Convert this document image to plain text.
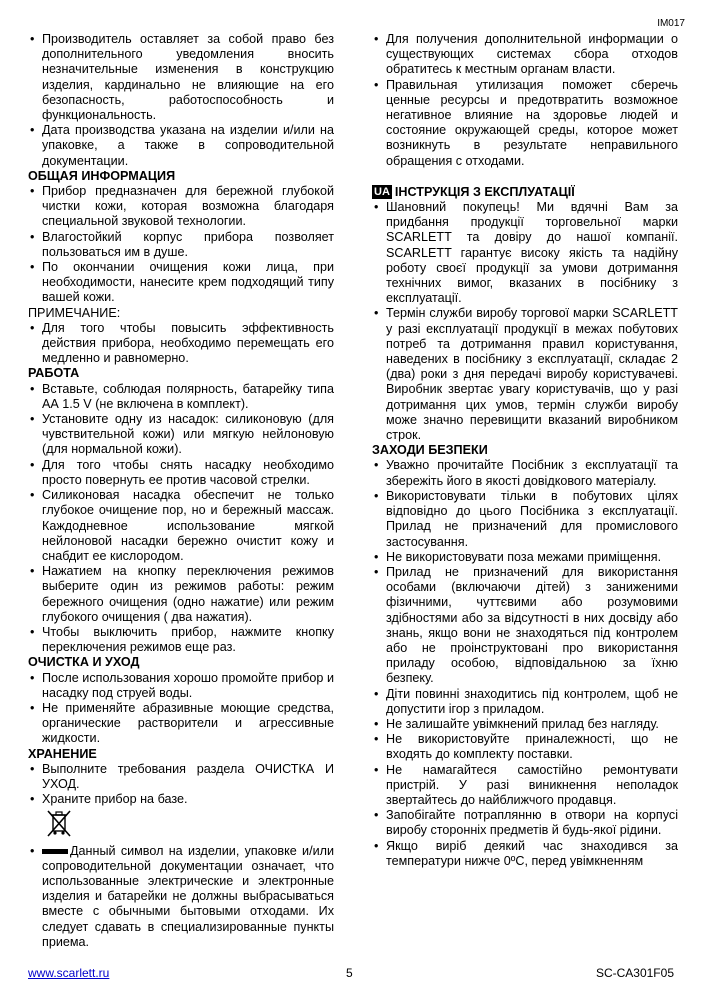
IM017
• Производитель оставляет за собой право без дополнительного уведомления вносить незначительные изменения в конструкцию изделия, кардинально не влияющие на его безопасность, работоспособность и функциональность.
• Дата производства указана на изделии и/или на упаковке, а также в сопроводительной документации.
ОБЩАЯ ИНФОРМАЦИЯ
• Прибор предназначен для бережной глубокой чистки кожи, которая возможна благодаря специальной звуковой технологии.
• Влагостойкий корпус прибора позволяет пользоваться им в душе.
• По окончании очищения кожи лица, при необходимости, нанесите крем подходящий типу вашей кожи.
ПРИМЕЧАНИЕ:
• Для того чтобы повысить эффективность действия прибора, необходимо перемещать его медленно и равномерно.
РАБОТА
• Вставьте, соблюдая полярность, батарейку типа АА 1.5 V (не включена в комплект).
• Установите одну из насадок: силиконовую (для чувствительной кожи) или мягкую нейлоновую (для нормальной кожи).
• Для того чтобы снять насадку необходимо просто повернуть ее против часовой стрелки.
• Силиконовая насадка обеспечит не только глубокое очищение пор, но и бережный массаж. Каждодневное использование мягкой нейлоновой насадки бережно очистит кожу и снабдит ее кислородом.
• Нажатием на кнопку переключения режимов выберите один из режимов работы: режим бережного очищения (одно нажатие) или режим глубокого очищения ( два нажатия).
• Чтобы выключить прибор, нажмите кнопку переключения режимов еще раз.
ОЧИСТКА И УХОД
• После использования хорошо промойте прибор и насадку под струей воды.
• Не применяйте абразивные моющие средства, органические растворители и агрессивные жидкости.
ХРАНЕНИЕ
• Выполните требования раздела ОЧИСТКА И УХОД.
• Храните прибор на базе.
• Данный символ на изделии, упаковке и/или сопроводительной документации означает, что использованные электрические и электронные изделия и батарейки не должны выбрасываться вместе с обычными бытовыми отходами. Их следует сдавать в специализированные пункты приема.
• Для получения дополнительной информации о существующих системах сбора отходов обратитесь к местным органам власти.
• Правильная утилизация поможет сберечь ценные ресурсы и предотвратить возможное негативное влияние на здоровье людей и состояние окружающей среды, которое может возникнуть в результате неправильного обращения с отходами.
UA ІНСТРУКЦІЯ З ЕКСПЛУАТАЦІЇ
• Шановний покупець! Ми вдячні Вам за придбання продукції торговельної марки SCARLETT та довіру до нашої компанії. SCARLETT гарантує високу якість та надійну роботу своєї продукції за умови дотримання технічних вимог, вказаних в посібнику з експлуатації.
• Термін служби виробу торгової марки SCARLETT у разі експлуатації продукції в межах побутових потреб та дотримання правил користування, наведених в посібнику з експлуатації, складає 2 (два) роки з дня передачі виробу користувачеві. Виробник звертає увагу користувачів, що у разі дотримання цих умов, термін служби виробу може значно перевищити вказаний виробником строк.
ЗАХОДИ БЕЗПЕКИ
• Уважно прочитайте Посібник з експлуатації та збережіть його в якості довідкового матеріалу.
• Використовувати тільки в побутових цілях відповідно до цього Посібника з експлуатації. Прилад не призначений для промислового застосування.
• Не використовувати поза межами приміщення.
• Прилад не призначений для використання особами (включаючи дітей) з заниженими фізичними, чуттєвими або розумовими здібностями або за відсутності в них досвіду або знань, якщо вони не знаходяться під контролем або не проінструктовані про використання приладу особою, відповідальною за їхню безпеку.
• Діти повинні знаходитись під контролем, щоб не допустити ігор з приладом.
• Не залишайте увімкнений прилад без нагляду.
• Не використовуйте приналежності, що не входять до комплекту поставки.
• Не намагайтеся самостійно ремонтувати пристрій. У разі виникнення неполадок звертайтесь до найближчого продавця.
• Запобігайте потраплянню в отвори на корпусі виробу сторонніх предметів й будь-якої рідини.
• Якщо виріб деякий час знаходився за температури нижче 0ºC, перед увімкненням
www.scarlett.ru	5	SC-CA301F05
